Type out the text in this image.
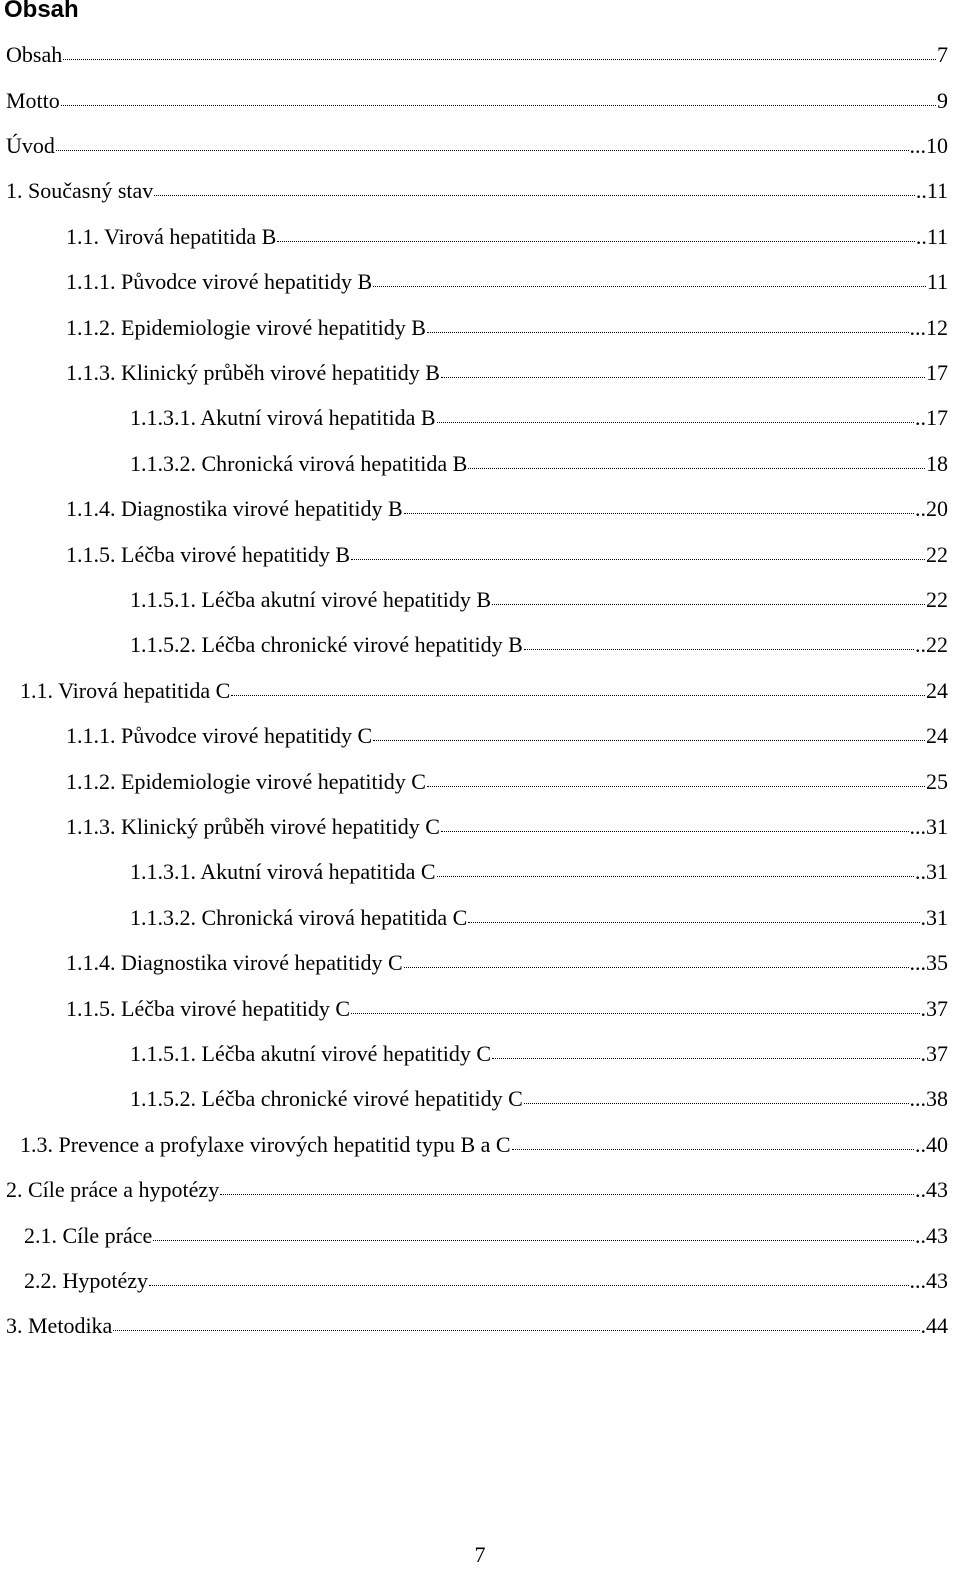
Obsah
Obsah	7
Motto	9
Úvod	...10
1. Současný stav	..11
1.1. Virová hepatitida B	..11
1.1.1. Původce virové hepatitidy B	11
1.1.2. Epidemiologie virové hepatitidy B	...12
1.1.3. Klinický průběh virové hepatitidy B	17
1.1.3.1. Akutní virová hepatitida B	..17
1.1.3.2. Chronická virová hepatitida B	18
1.1.4. Diagnostika virové hepatitidy B	..20
1.1.5. Léčba virové hepatitidy B	22
1.1.5.1. Léčba akutní virové hepatitidy B	22
1.1.5.2. Léčba chronické virové hepatitidy B	..22
1.1. Virová hepatitida C	24
1.1.1. Původce virové hepatitidy C	24
1.1.2. Epidemiologie virové hepatitidy C	25
1.1.3. Klinický průběh virové hepatitidy C	...31
1.1.3.1. Akutní virová hepatitida C	..31
1.1.3.2. Chronická virová hepatitida C	.31
1.1.4. Diagnostika virové hepatitidy C	...35
1.1.5. Léčba virové hepatitidy C	.37
1.1.5.1. Léčba akutní virové hepatitidy C	.37
1.1.5.2. Léčba chronické virové hepatitidy C	...38
1.3. Prevence a profylaxe virových hepatitid typu B a C	..40
2. Cíle práce a hypotézy	..43
2.1. Cíle práce	..43
2.2. Hypotézy	...43
3. Metodika	.44
7
